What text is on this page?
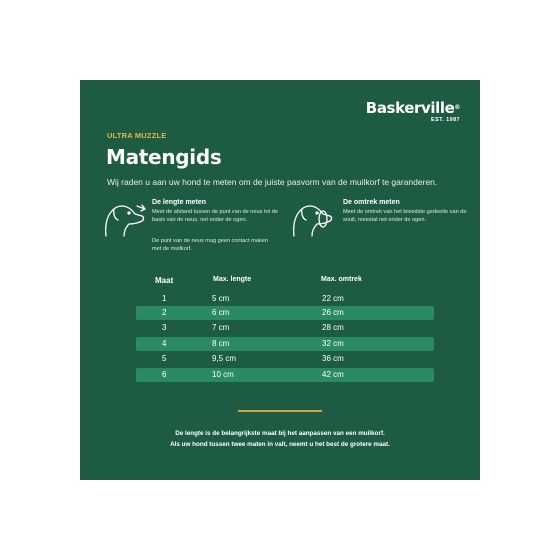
Baskerville®
EST. 1987
ULTRA MUZZLE
Matengids
Wij raden u aan uw hond te meten om de juiste pasvorm van de muilkorf te garanderen.
De lengte meten
Meet de afstand tussen de punt van de neus tot de basis van de neus, net onder de ogen.
De punt van de neus mag geen contact maken met de muilkorf.
De omtrek meten
Meet de omtrek van het breedste gedeelte van de snuit, meestal net onder de ogen.
Maat	Max. lengte	Max. omtrek
1	5 cm	22 cm
2	6 cm	26 cm
3	7 cm	28 cm
4	8 cm	32 cm
5	9,5 cm	36 cm
6	10 cm	42 cm
De lengte is de belangrijkste maat bij het aanpassen van een muilkorf.
Als uw hond tussen twee maten in valt, neemt u het best de grotere maat.
